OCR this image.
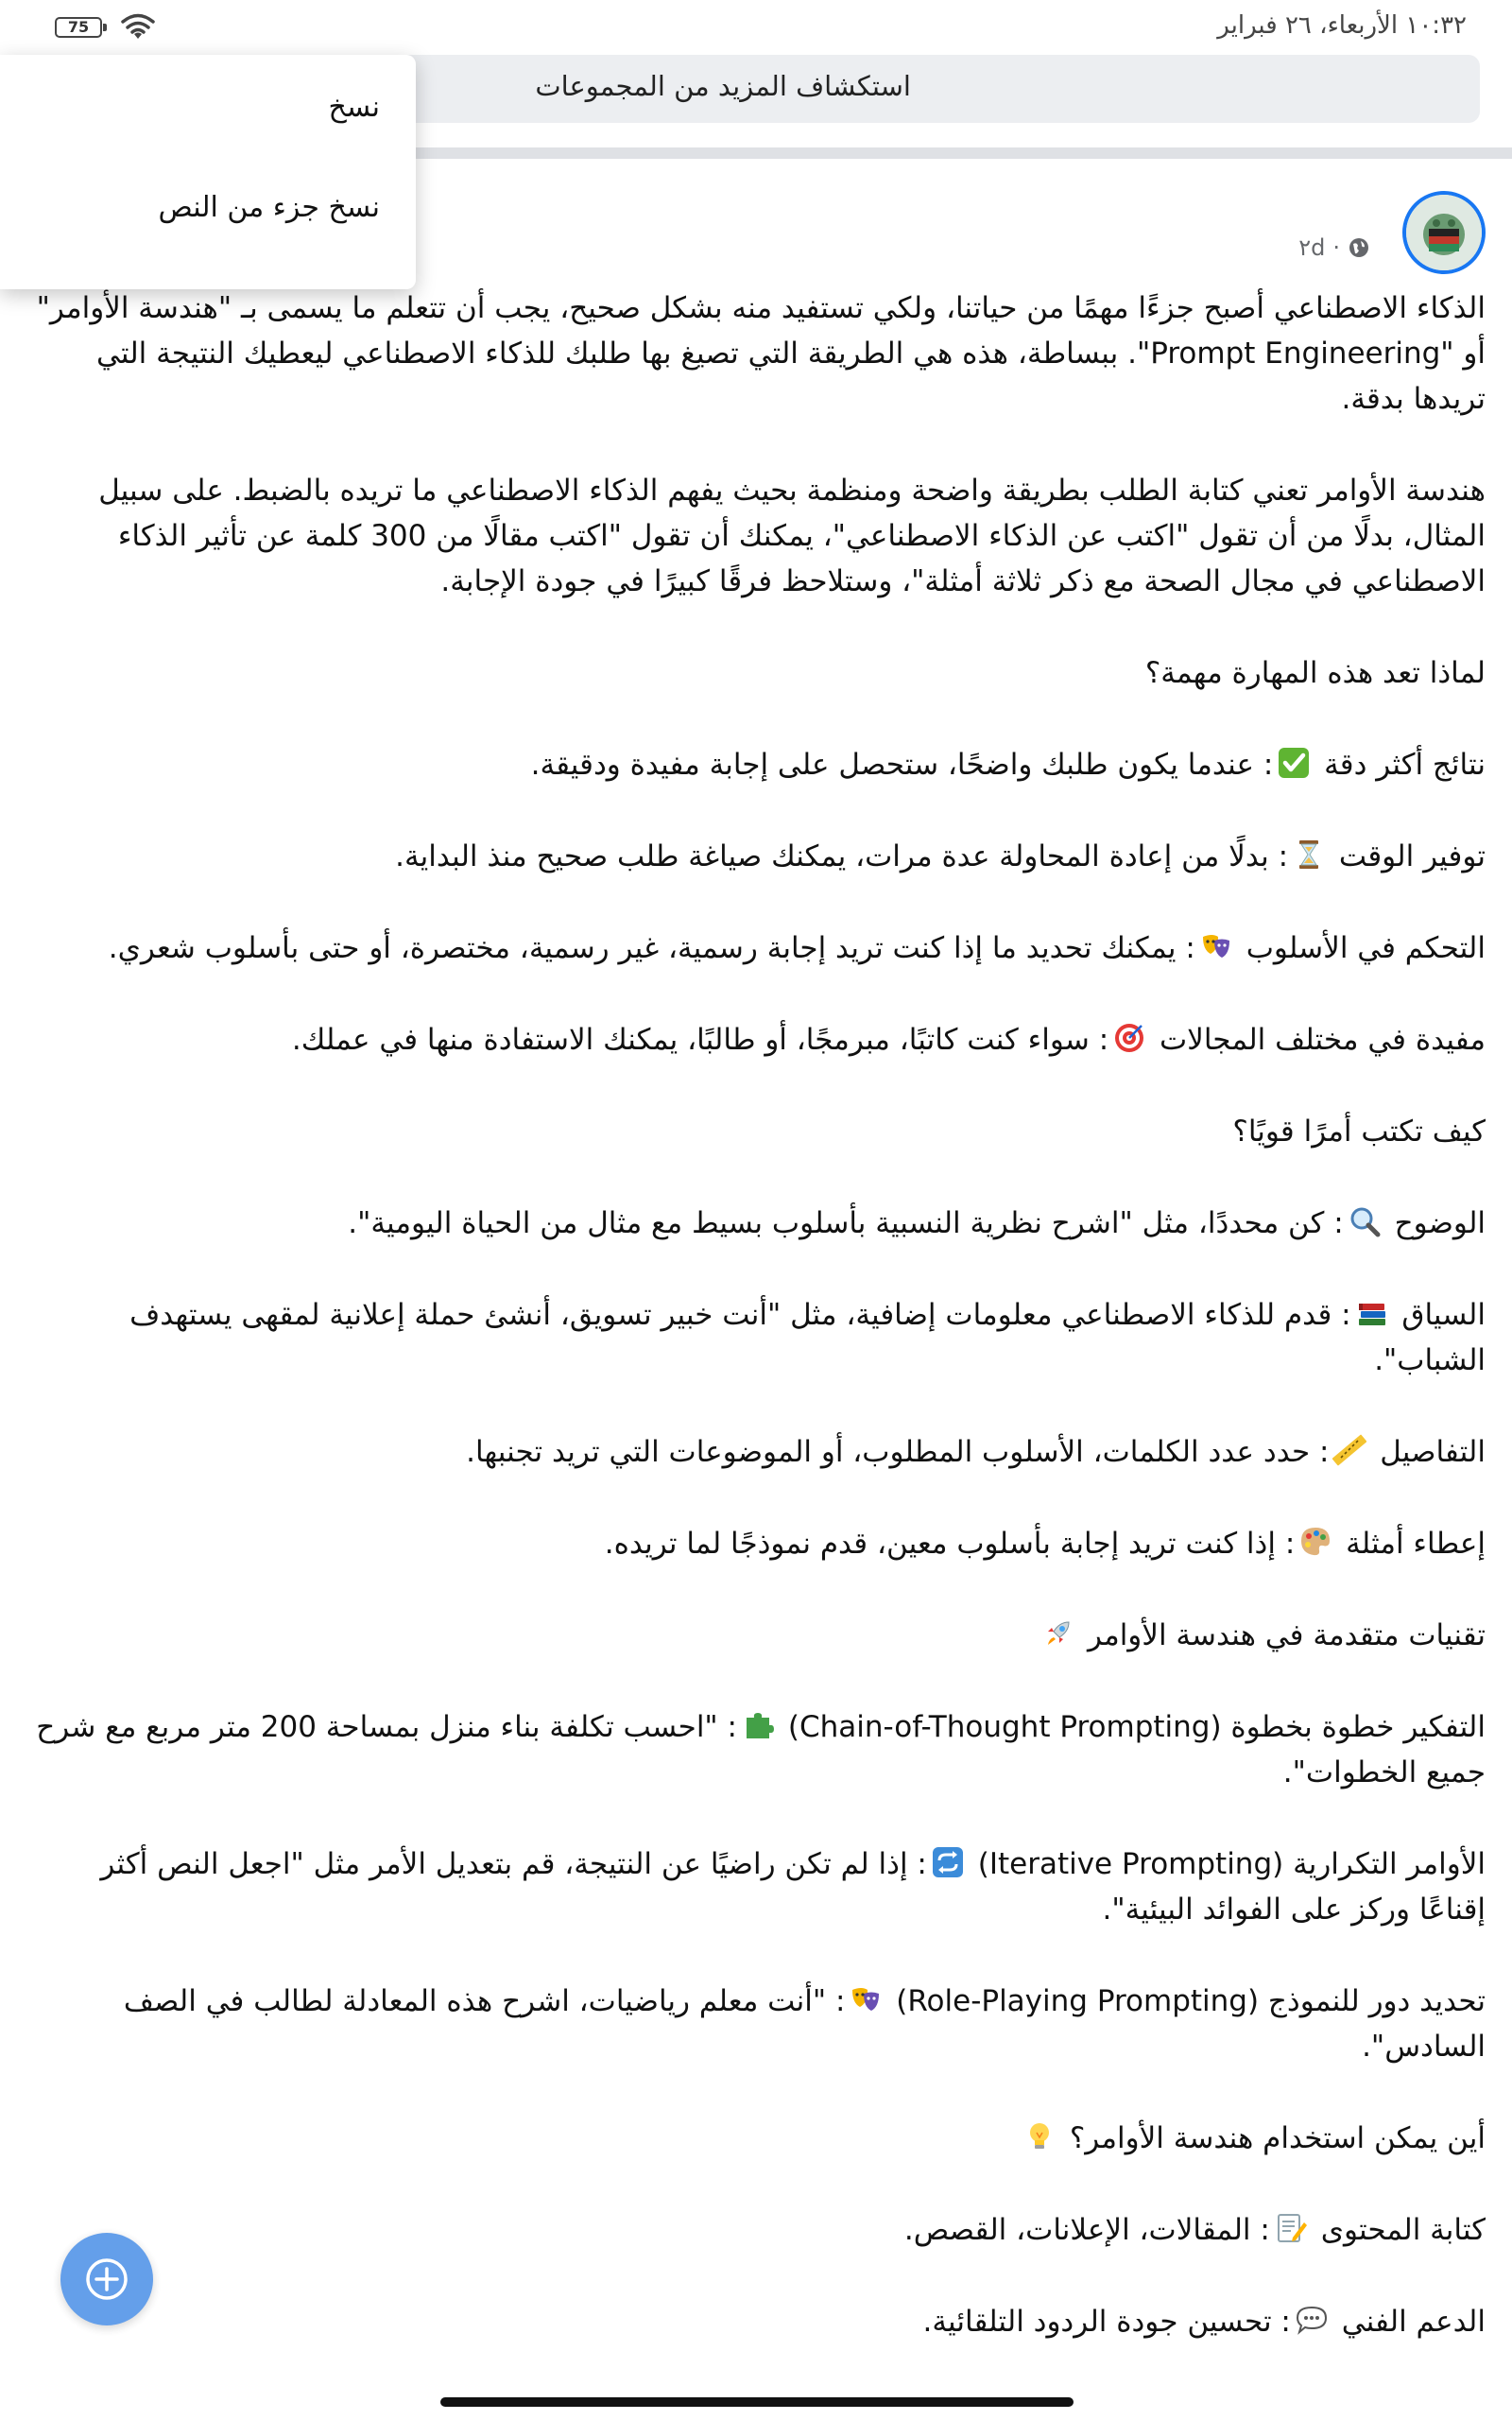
١٠:٣٢ الأربعاء، ٢٦ فبراير
75
استكشاف المزيد من المجموعات
نسخ
نسخ جزء من النص
·
٢d

الذكاء الاصطناعي أصبح جزءًا مهمًا من حياتنا، ولكي تستفيد منه بشكل صحيح، يجب أن تتعلم ما يسمى بـ "هندسة الأوامر" أو "Prompt Engineering". ببساطة، هذه هي الطريقة التي تصيغ بها طلبك للذكاء الاصطناعي ليعطيك النتيجة التي تريدها بدقة.

هندسة الأوامر تعني كتابة الطلب بطريقة واضحة ومنظمة بحيث يفهم الذكاء الاصطناعي ما تريده بالضبط. على سبيل المثال، بدلًا من أن تقول "اكتب عن الذكاء الاصطناعي"، يمكنك أن تقول "اكتب مقالًا من 300 كلمة عن تأثير الذكاء الاصطناعي في مجال الصحة مع ذكر ثلاثة أمثلة"، وستلاحظ فرقًا كبيرًا في جودة الإجابة.

لماذا تعد هذه المهارة مهمة؟

نتائج أكثر دقة : عندما يكون طلبك واضحًا، ستحصل على إجابة مفيدة ودقيقة.

توفير الوقت : بدلًا من إعادة المحاولة عدة مرات، يمكنك صياغة طلب صحيح منذ البداية.

التحكم في الأسلوب : يمكنك تحديد ما إذا كنت تريد إجابة رسمية، غير رسمية، مختصرة، أو حتى بأسلوب شعري.

مفيدة في مختلف المجالات : سواء كنت كاتبًا، مبرمجًا، أو طالبًا، يمكنك الاستفادة منها في عملك.

كيف تكتب أمرًا قويًا؟

الوضوح : كن محددًا، مثل "اشرح نظرية النسبية بأسلوب بسيط مع مثال من الحياة اليومية".

السياق : قدم للذكاء الاصطناعي معلومات إضافية، مثل "أنت خبير تسويق، أنشئ حملة إعلانية لمقهى يستهدف الشباب".

التفاصيل : حدد عدد الكلمات، الأسلوب المطلوب، أو الموضوعات التي تريد تجنبها.

إعطاء أمثلة : إذا كنت تريد إجابة بأسلوب معين، قدم نموذجًا لما تريده.

تقنيات متقدمة في هندسة الأوامر

التفكير خطوة بخطوة (Chain-of-Thought Prompting) : "احسب تكلفة بناء منزل بمساحة 200 متر مربع مع شرح جميع الخطوات".

الأوامر التكرارية (Iterative Prompting) : إذا لم تكن راضيًا عن النتيجة، قم بتعديل الأمر مثل "اجعل النص أكثر إقناعًا وركز على الفوائد البيئية".

تحديد دور للنموذج (Role-Playing Prompting) : "أنت معلم رياضيات، اشرح هذه المعادلة لطالب في الصف السادس".

أين يمكن استخدام هندسة الأوامر؟

كتابة المحتوى : المقالات، الإعلانات، القصص.

الدعم الفني : تحسين جودة الردود التلقائية.
